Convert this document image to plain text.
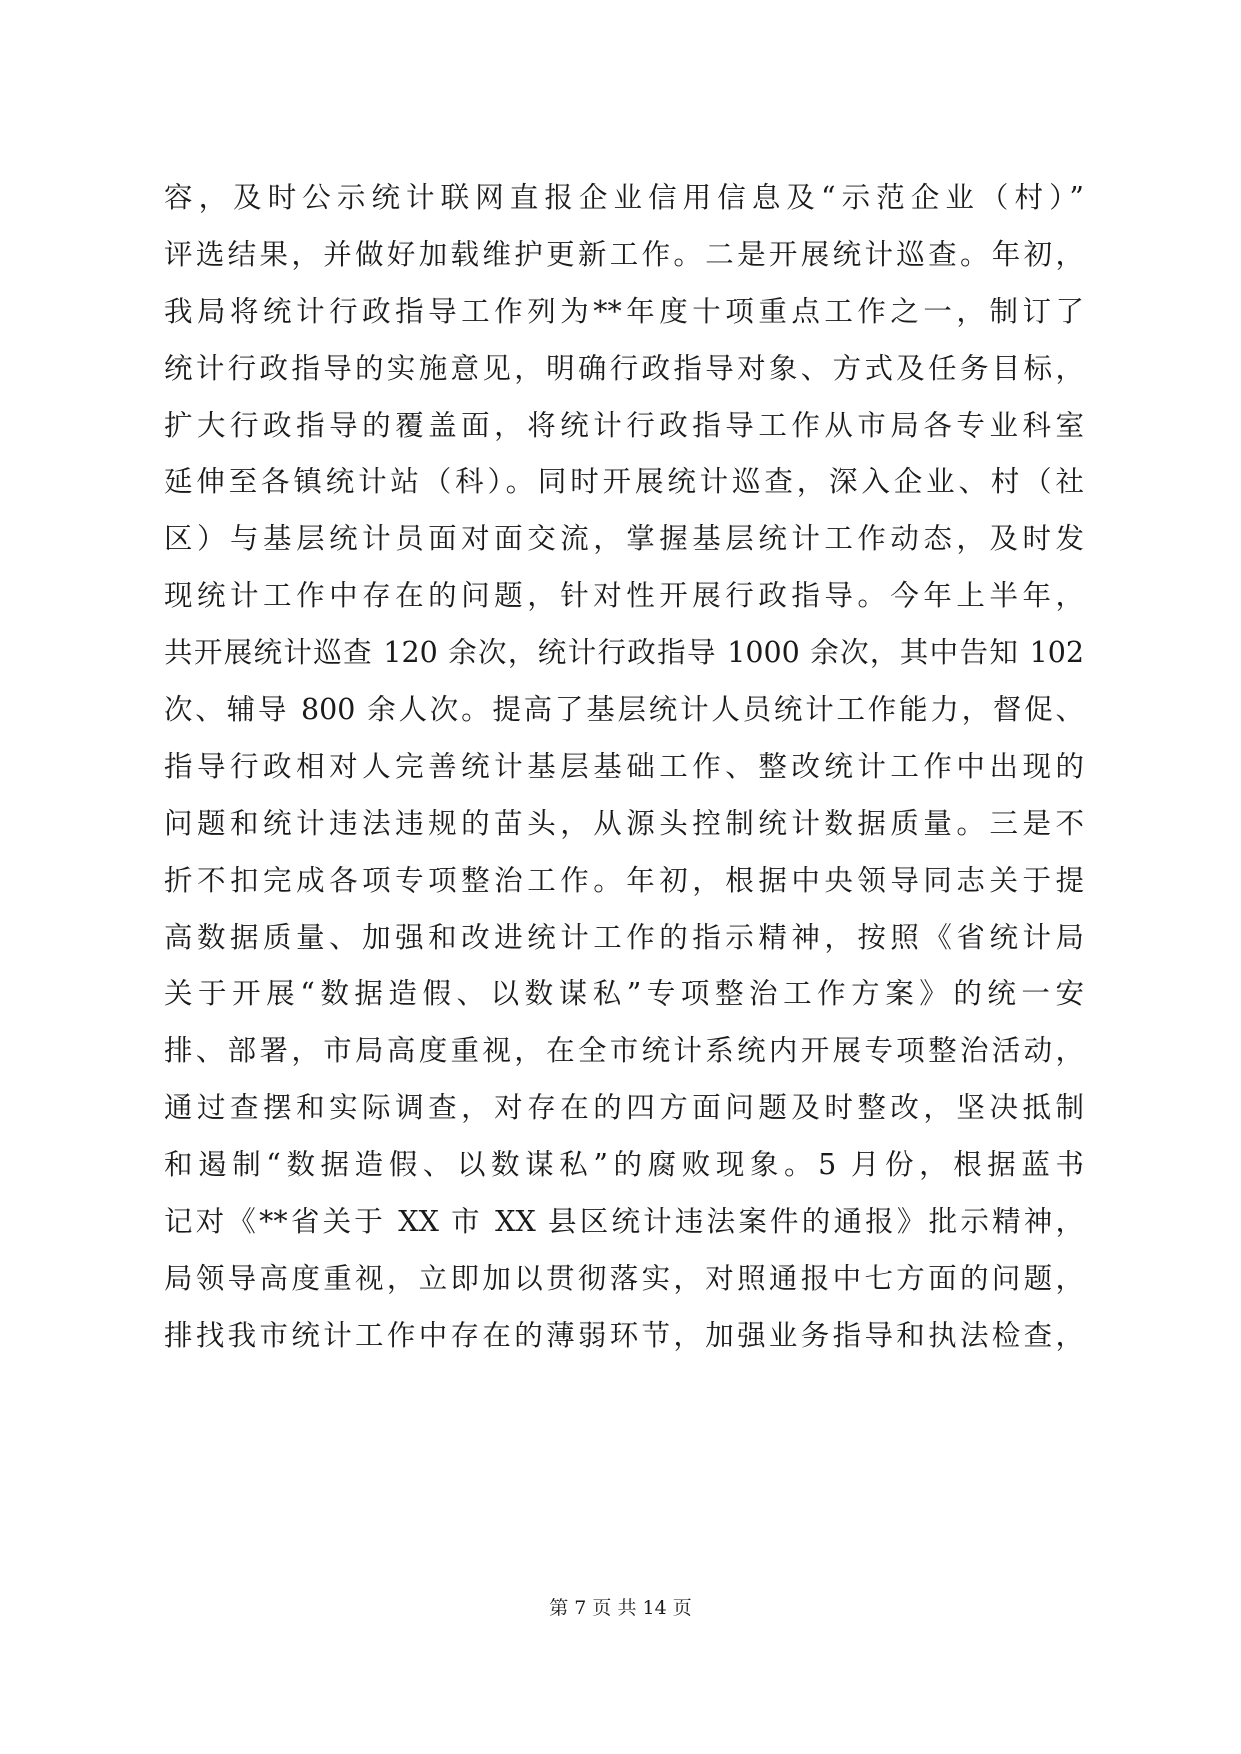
容，及时公示统计联网直报企业信用信息及“示范企业（村）”
评选结果，并做好加载维护更新工作。二是开展统计巡查。年初，
我局将统计行政指导工作列为**年度十项重点工作之一，制订了
统计行政指导的实施意见，明确行政指导对象、方式及任务目标，
扩大行政指导的覆盖面，将统计行政指导工作从市局各专业科室
延伸至各镇统计站（科）。同时开展统计巡查，深入企业、村（社
区）与基层统计员面对面交流，掌握基层统计工作动态，及时发
现统计工作中存在的问题，针对性开展行政指导。今年上半年，
共开展统计巡查 120 余次，统计行政指导 1000 余次，其中告知 102
次、辅导 800 余人次。提高了基层统计人员统计工作能力，督促、
指导行政相对人完善统计基层基础工作、整改统计工作中出现的
问题和统计违法违规的苗头，从源头控制统计数据质量。三是不
折不扣完成各项专项整治工作。年初，根据中央领导同志关于提
高数据质量、加强和改进统计工作的指示精神，按照《省统计局
关于开展“数据造假、以数谋私”专项整治工作方案》的统一安
排、部署，市局高度重视，在全市统计系统内开展专项整治活动，
通过查摆和实际调查，对存在的四方面问题及时整改，坚决抵制
和遏制“数据造假、以数谋私”的腐败现象。5 月份，根据蓝书
记对《**省关于 XX 市 XX 县区统计违法案件的通报》批示精神，
局领导高度重视，立即加以贯彻落实，对照通报中七方面的问题，
排找我市统计工作中存在的薄弱环节，加强业务指导和执法检查，
第 7 页 共 14 页
